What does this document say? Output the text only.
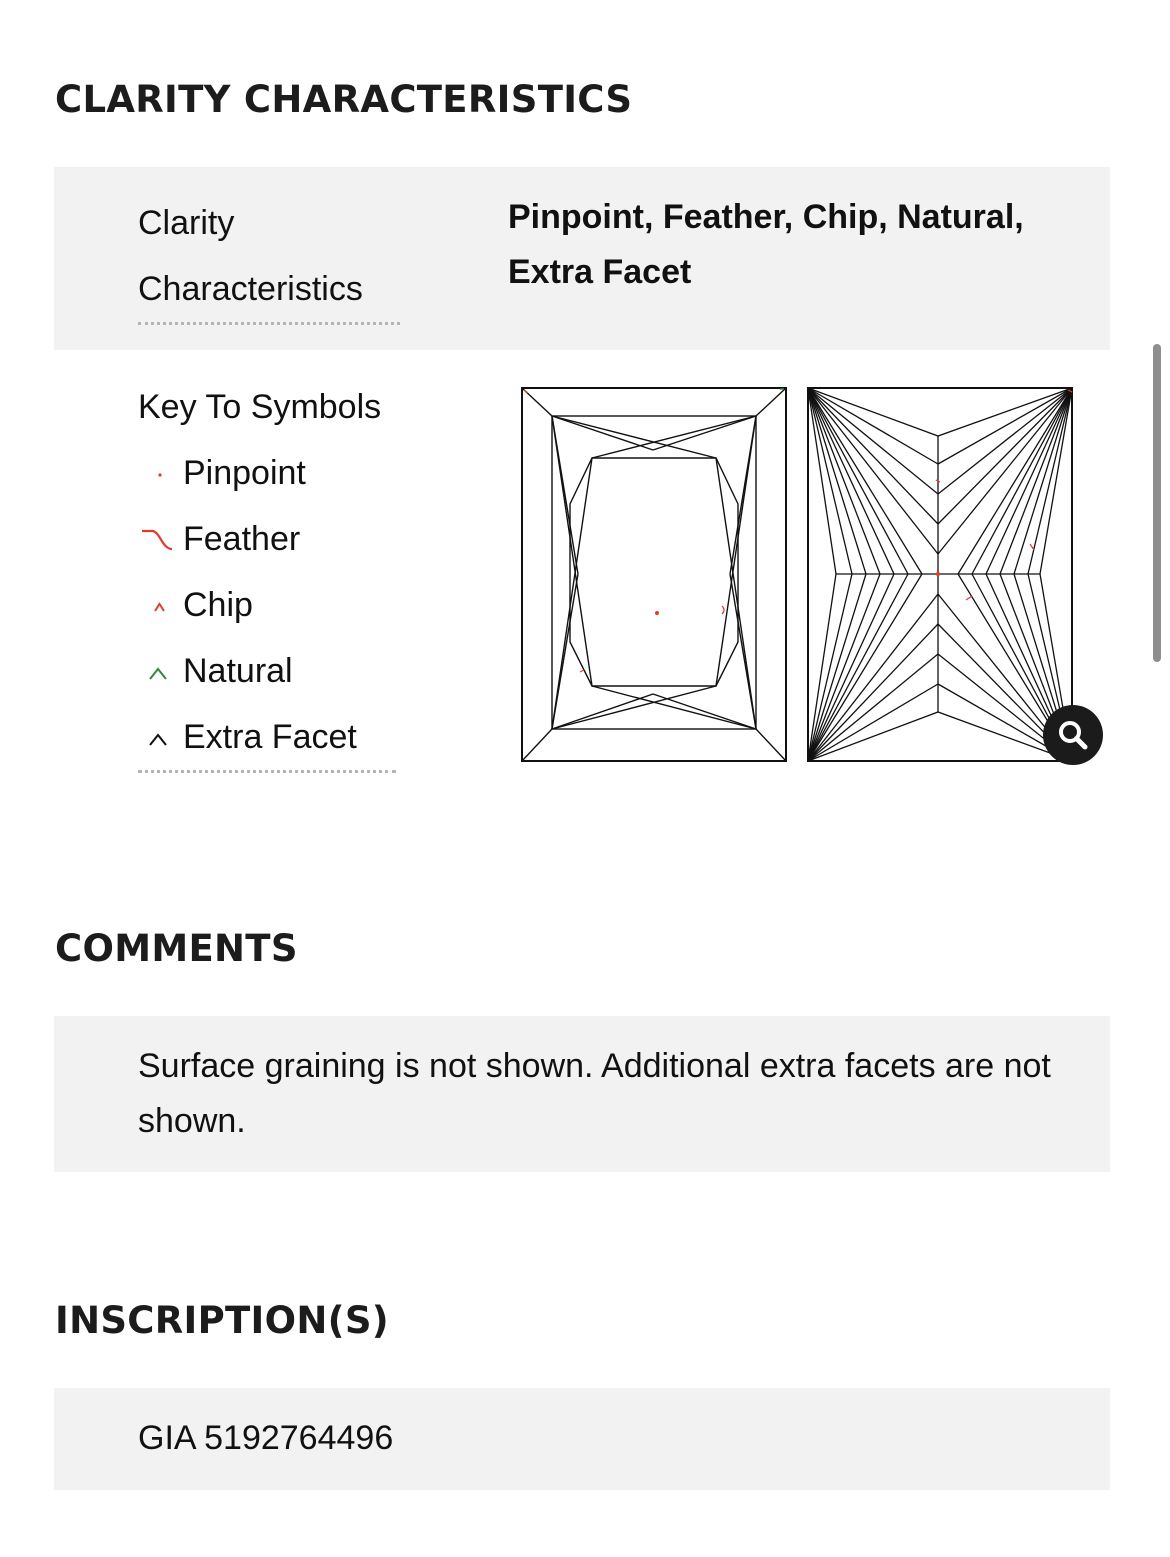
CLARITY CHARACTERISTICS
Clarity
Characteristics
Pinpoint, Feather, Chip, Natural, Extra Facet
Key To Symbols
Pinpoint
Feather
Chip
Natural
Extra Facet
COMMENTS
Surface graining is not shown. Additional extra facets are not shown.
INSCRIPTION(S)
GIA 5192764496
